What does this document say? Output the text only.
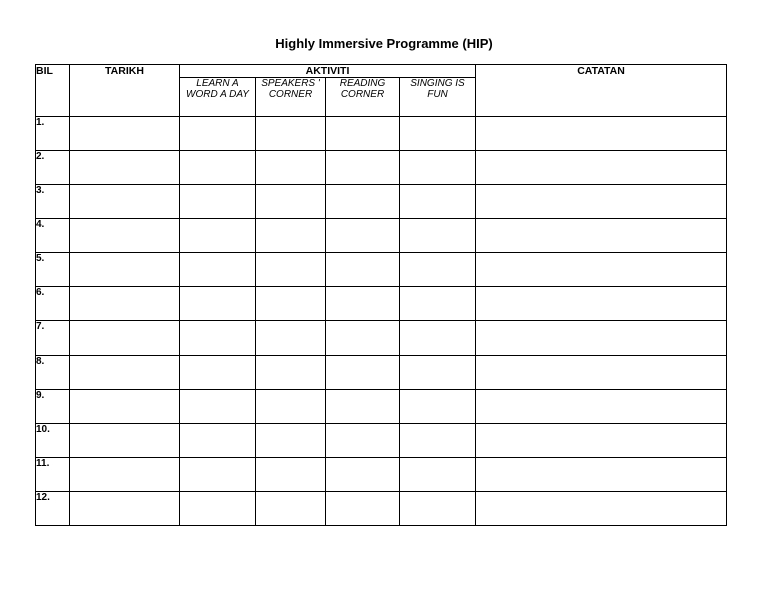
Highly Immersive Programme (HIP)
BIL	TARIKH	AKTIVITI				CATATAN
		LEARN A WORD A DAY	SPEAKERS ' CORNER	READING CORNER	SINGING IS FUN	
1.						
2.						
3.						
4.						
5.						
6.						
7.						
8.						
9.						
10.						
11.						
12.						
